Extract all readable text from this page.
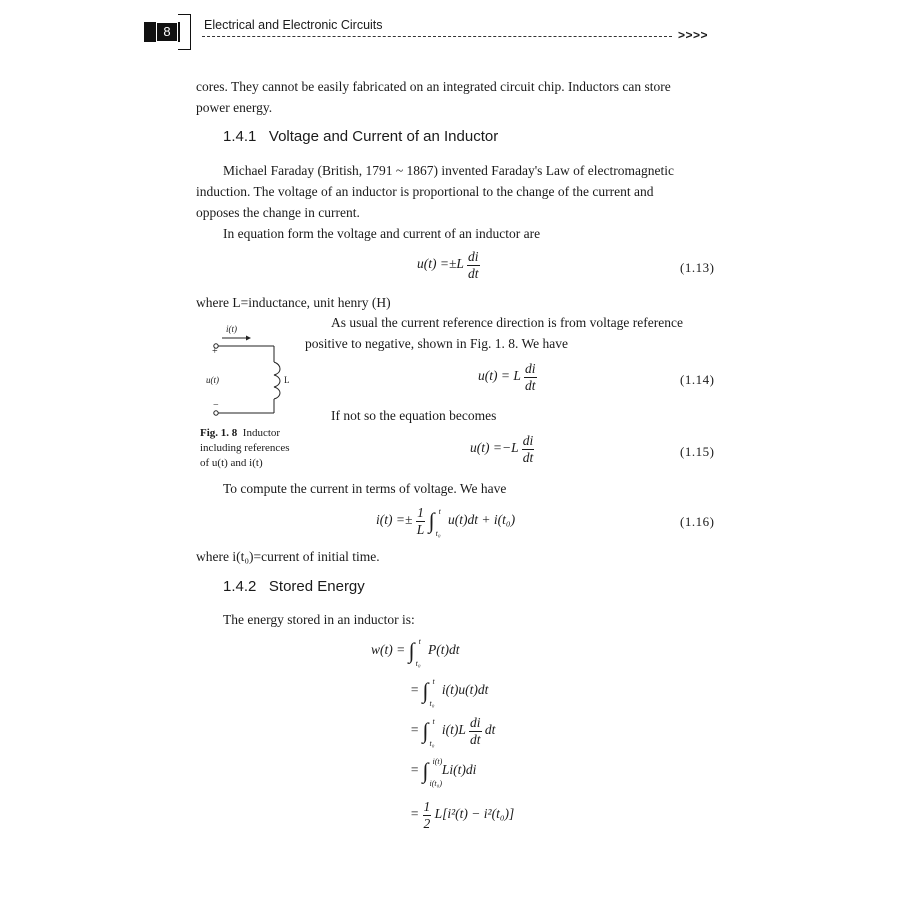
8	Electrical and Electronic Circuits
>>>>
cores. They cannot be easily fabricated on an integrated circuit chip. Inductors can store
power energy.
1.4.1 Voltage and Current of an Inductor
Michael Faraday (British, 1791 ~ 1867) invented Faraday's Law of electromagnetic
induction. The voltage of an inductor is proportional to the change of the current and
opposes the change in current.
In equation form the voltage and current of an inductor are
$u(t) =\pm L \frac{di}{dt}$	(1.13)
where L=inductance, unit henry (H)
i(t)
+
−
u(t)	L
Fig. 1. 8 Inductor
including references
of u(t) and i(t)
As usual the current reference direction is from voltage reference
positive to negative, shown in Fig. 1. 8. We have
u(t) = L $\frac{di}{dt}$	(1.14)
If not so the equation becomes
$u(t) =-L \frac{di}{dt}$	(1.15)
To compute the current in terms of voltage. We have
$i(t) =\pm \frac{1}{L}$ ∫ t
t₀
u(t)dt + i(t₀)	(1.16)
where i(t₀)=current of initial time.
1.4.2 Stored Energy
The energy stored in an inductor is:
w(t) = ∫ t
t₀
P(t)dt
= ∫ t
t₀
i(t)u(t)dt
= ∫ t
t₀
$i(t)L \frac{di}{dt}$ dt
= ∫ i(t)
i(t₀)
Li(t)di
= $\frac{1}{2} L[i^2(t) - i^2(t_0)]$
